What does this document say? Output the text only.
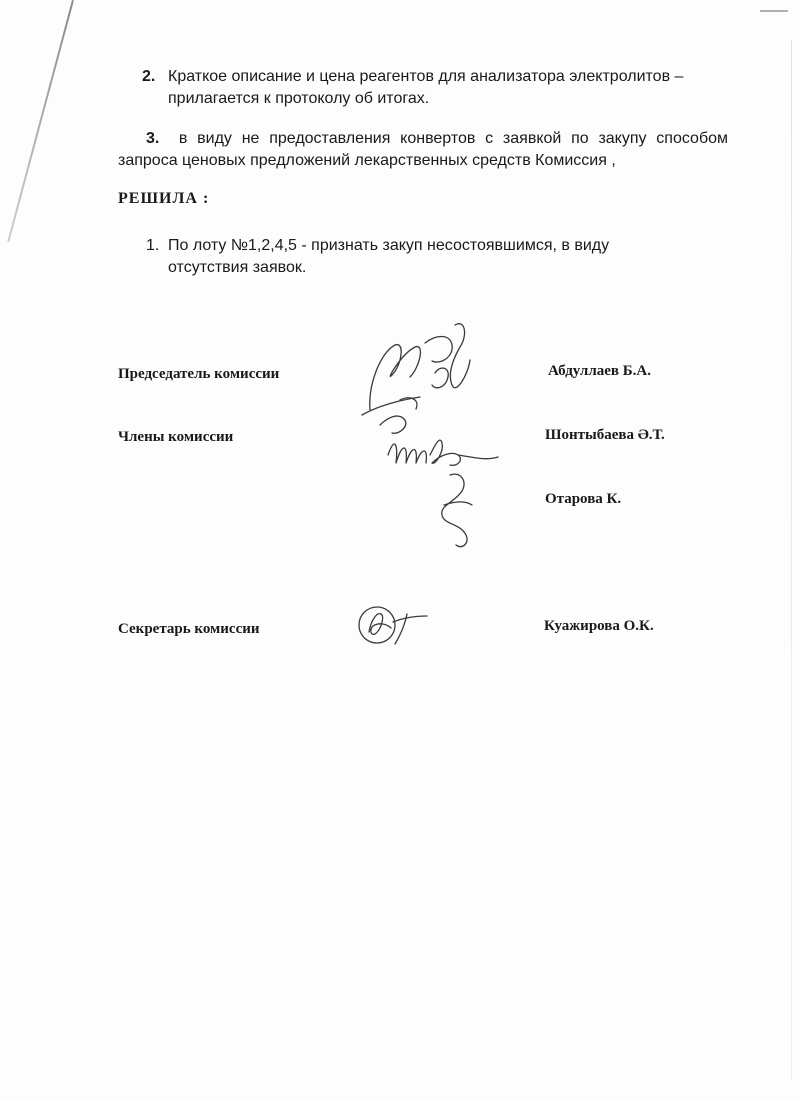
2. Краткое описание и цена реагентов для анализатора электролитов –
прилагается к протоколу об итогах.
3. в виду не предоставления конвертов с заявкой по закупу способом
запроса ценовых предложений лекарственных средств Комиссия ,
РЕШИЛА :
1. По лоту №1,2,4,5 - признать закуп несостоявшимся, в виду
отсутствия заявок.
Председатель комиссии
Члены комиссии
Секретарь комиссии
Абдуллаев Б.А.
Шонтыбаева Ә.Т.
Отарова К.
Куажирова О.К.
